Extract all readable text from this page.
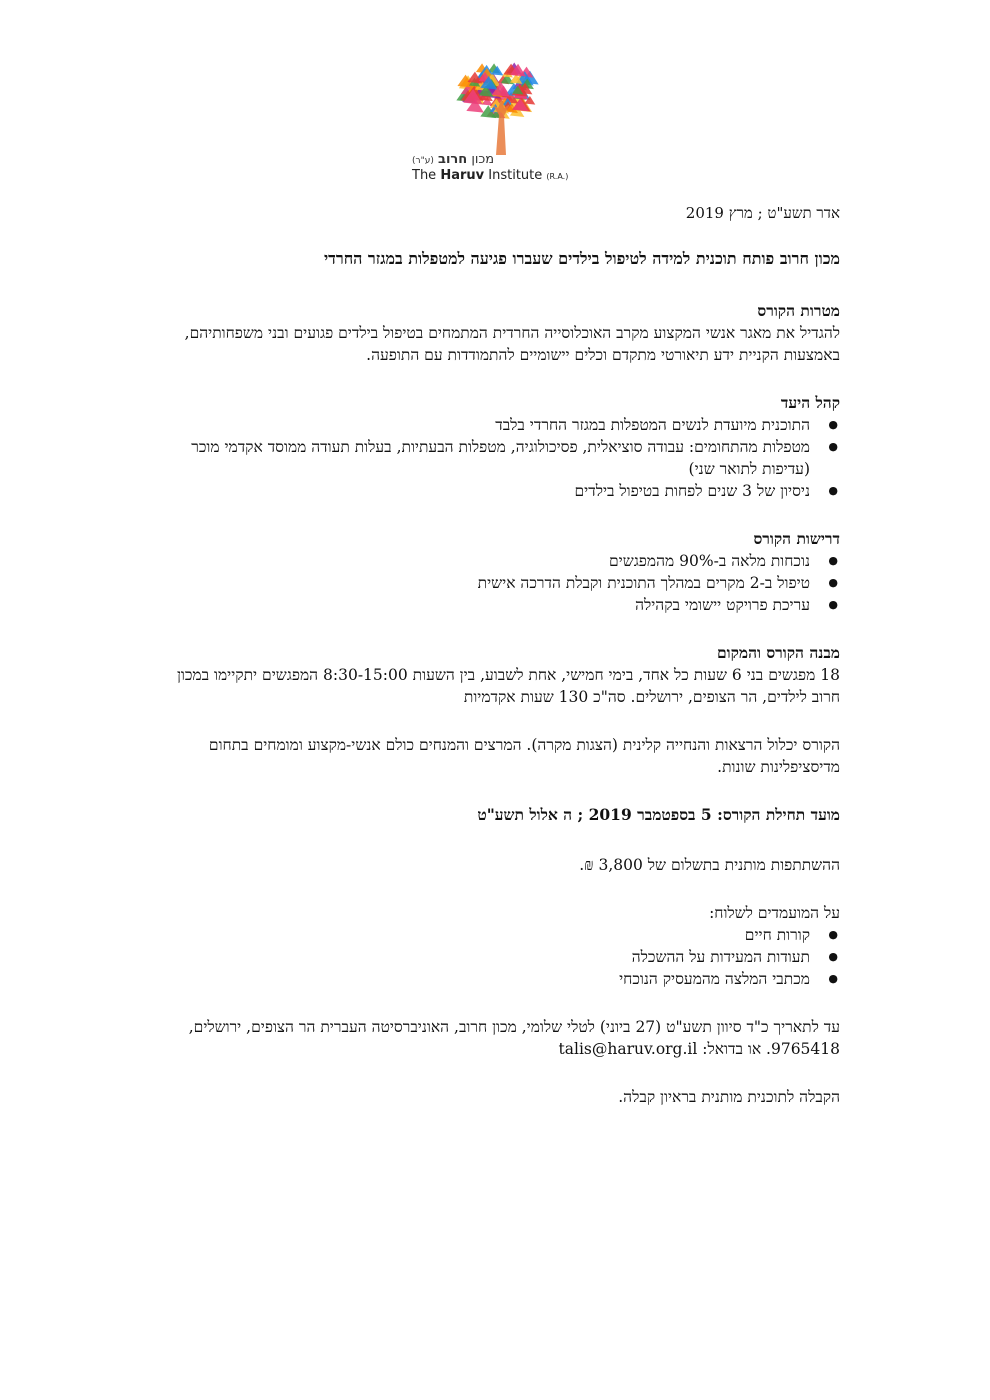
מכון חרוב (ע"ר)
The Haruv Institute (R.A.)

אדר תשע"ט ; מרץ 2019

מכון חרוב פותח תוכנית למידה לטיפול בילדים שעברו פגיעה למטפלות במגזר החרדי

מטרות הקורס

להגדיל את מאגר אנשי המקצוע מקרב האוכלוסייה החרדית המתמחים בטיפול בילדים פגועים ובני משפחותיהם, באמצעות הקניית ידע תיאורטי מתקדם וכלים יישומיים להתמודדות עם התופעה.

קהל היעד

● התוכנית מיועדת לנשים המטפלות במגזר החרדי בלבד
● מטפלות מהתחומים: עבודה סוציאלית, פסיכולוגיה, מטפלות הבעתיות, בעלות תעודה ממוסד אקדמי מוכר (עדיפות לתואר שני)
● ניסיון של 3 שנים לפחות בטיפול בילדים

דרישות הקורס

● נוכחות מלאה ב-90% מהמפגשים
● טיפול ב-2 מקרים במהלך התוכנית וקבלת הדרכה אישית
● עריכת פרויקט יישומי בקהילה

מבנה הקורס והמקום

18 מפגשים בני 6 שעות כל אחד, בימי חמישי, אחת לשבוע, בין השעות 8:30-15:00 המפגשים יתקיימו במכון חרוב לילדים, הר הצופים, ירושלים. סה"כ 130 שעות אקדמיות

הקורס יכלול הרצאות והנחייה קלינית (הצגות מקרה). המרצים והמנחים כולם אנשי-מקצוע ומומחים בתחום מדיסציפלינות שונות.

מועד תחילת הקורס: 5 בספטמבר 2019 ; ה אלול תשע"ט

ההשתתפות מותנית בתשלום של 3,800 ₪.

על המועמדים לשלוח:

● קורות חיים
● תעודות המעידות על ההשכלה
● מכתבי המלצה מהמעסיק הנוכחי

עד לתאריך כ"ד סיוון תשע"ט (27 ביוני) לטלי שלומי, מכון חרוב, האוניברסיטה העברית הר הצופים, ירושלים, 9765418. או בדואל: talis@haruv.org.il

הקבלה לתוכנית מותנית בראיון קבלה.
